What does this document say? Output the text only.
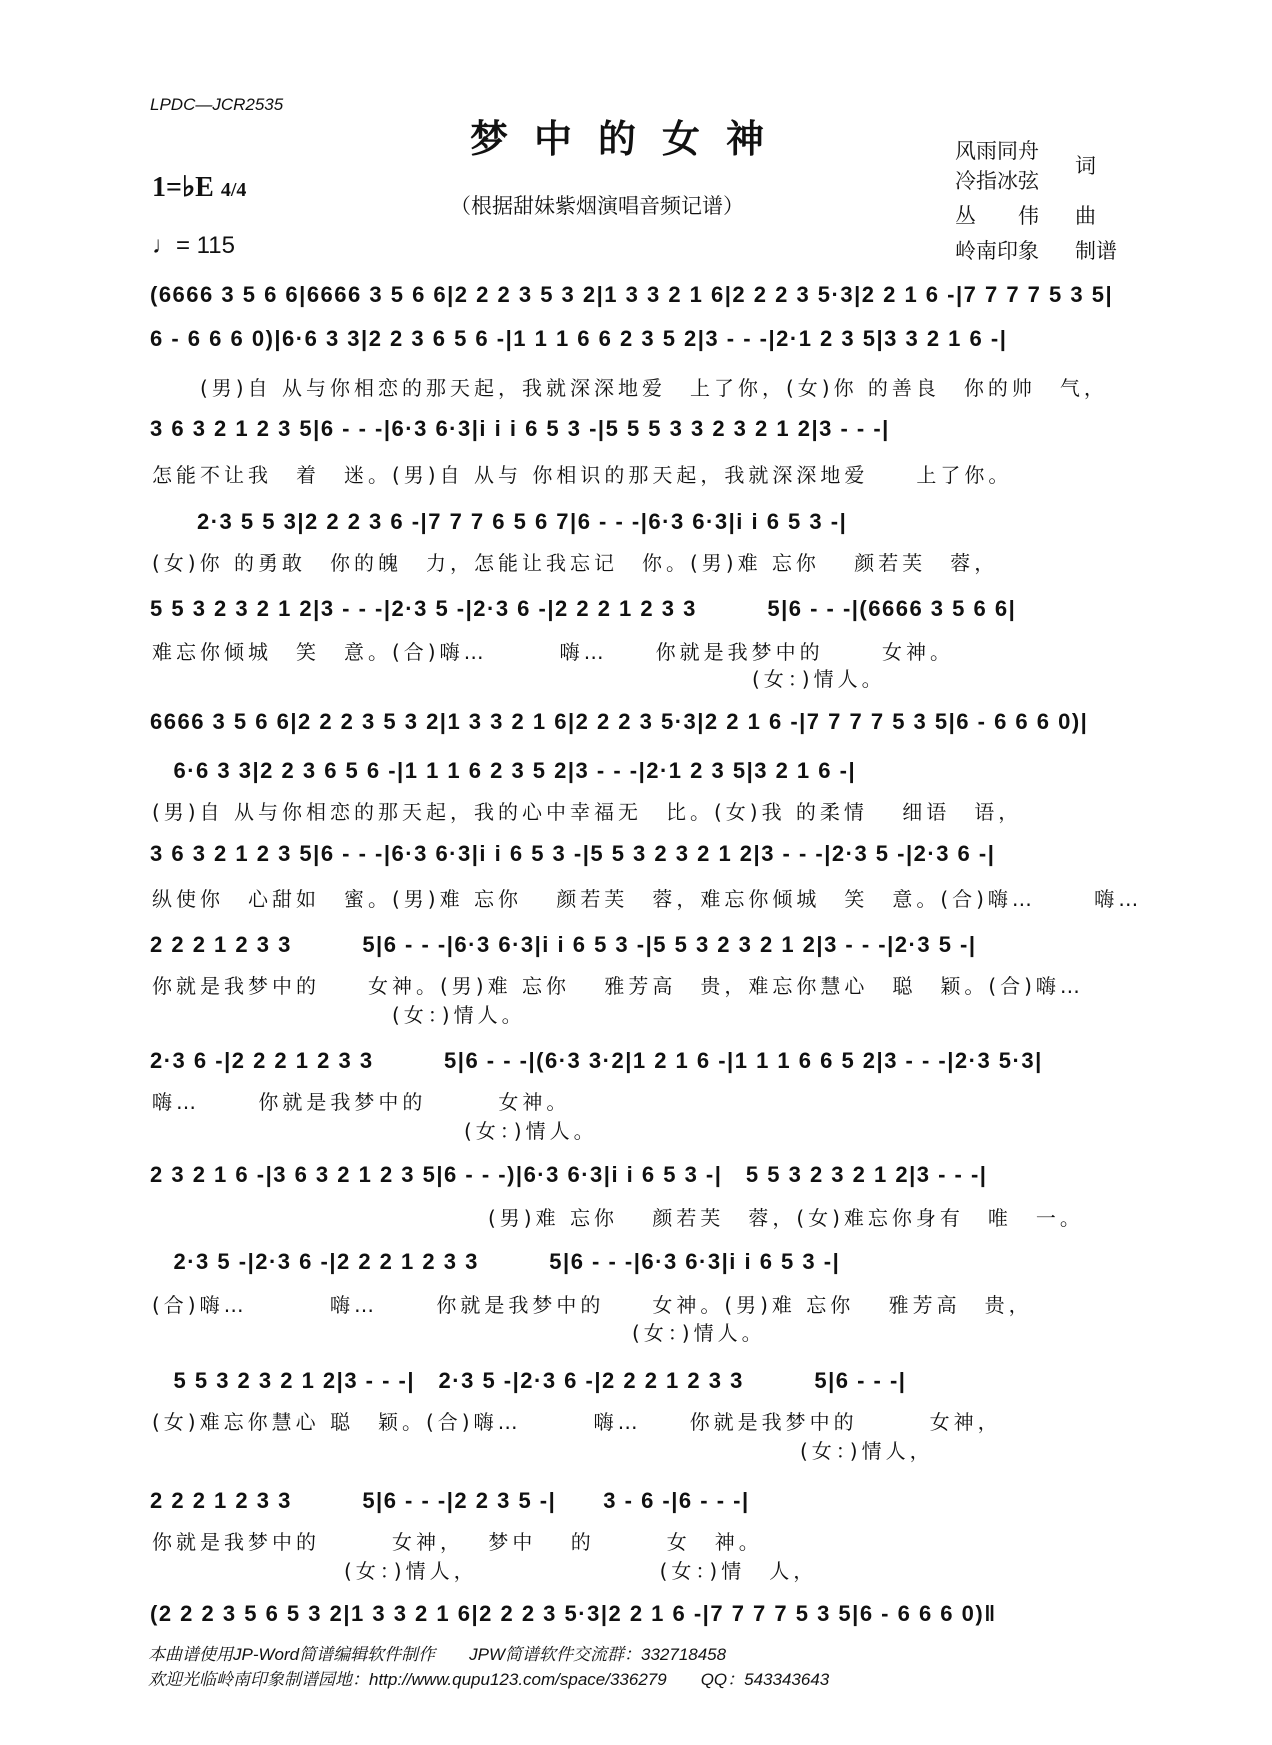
LPDC—JCR2535
梦中的女神
（根据甜妹紫烟演唱音频记谱）
1=♭E 4/4
♩= 115
风雨同舟
冷指冰弦
词
丛　　伟 曲
岭南印象 制谱
(6666 3 5 6 6|6666 3 5 6 6|2 2 2 3 5 3 2|1 3 3 2 1 6|2 2 2 3 5·3|2 2 1 6 -|7 7 7 7 5 3 5|
6 - 6 6 6 0)|6·6 3 3|2 2 3 6 5 6 -|1 1 1 6 6 2 3 5 2|3 - - -|2·1 2 3 5|3 3 2 1 6 -|
　　(男)自 从与你相恋的那天起，我就深深地爱　上了你，(女)你 的善良　你的帅　气，
3 6 3 2 1 2 3 5|6 - - -|6·3 6·3|i i i 6 5 3 -|5 5 5 3 3 2 3 2 1 2|3 - - -|
怎能不让我　着　迷。(男)自 从与 你相识的那天起，我就深深地爱　　上了你。
　　2·3 5 5 3|2 2 2 3 6 -|7 7 7 6 5 6 7|6 - - -|6·3 6·3|i i 6 5 3 -|
(女)你 的勇敢　你的魄　力，怎能让我忘记　你。(男)难 忘你　 颜若芙　蓉，
5 5 3 2 3 2 1 2|3 - - -|2·3 5 -|2·3 6 -|2 2 2 1 2 3 3　　　5|6 - - -|(6666 3 5 6 6|
难忘你倾城　笑　意。(合)嗨…　　　嗨…　　你就是我梦中的　　 女神。
　　　　　　　　　　　　　　　　　　　　　　　　　(女：)情人。
6666 3 5 6 6|2 2 2 3 5 3 2|1 3 3 2 1 6|2 2 2 3 5·3|2 2 1 6 -|7 7 7 7 5 3 5|6 - 6 6 6 0)|
　6·6 3 3|2 2 3 6 5 6 -|1 1 1 6 2 3 5 2|3 - - -|2·1 2 3 5|3 2 1 6 -|
(男)自 从与你相恋的那天起，我的心中幸福无　比。(女)我 的柔情　 细语　语，
3 6 3 2 1 2 3 5|6 - - -|6·3 6·3|i i 6 5 3 -|5 5 3 2 3 2 1 2|3 - - -|2·3 5 -|2·3 6 -|
纵使你　心甜如　蜜。(男)难 忘你　 颜若芙　蓉，难忘你倾城　笑　意。(合)嗨…　　 嗨…
2 2 2 1 2 3 3　　　5|6 - - -|6·3 6·3|i i 6 5 3 -|5 5 3 2 3 2 1 2|3 - - -|2·3 5 -|
你就是我梦中的　　女神。(男)难 忘你　 雅芳高　贵，难忘你慧心　聪　颖。(合)嗨…
　　　　　　　　　　(女：)情人。
2·3 6 -|2 2 2 1 2 3 3　　　5|6 - - -|(6·3 3·2|1 2 1 6 -|1 1 1 6 6 5 2|3 - - -|2·3 5·3|
嗨…　　 你就是我梦中的　　　女神。
　　　　　　　　　　　　　(女：)情人。
2 3 2 1 6 -|3 6 3 2 1 2 3 5|6 - - -)|6·3 6·3|i i 6 5 3 -|　5 5 3 2 3 2 1 2|3 - - -|
　　　　　　　　　　　　　　(男)难 忘你　 颜若芙　蓉，(女)难忘你身有　唯　一。
　2·3 5 -|2·3 6 -|2 2 2 1 2 3 3　　　5|6 - - -|6·3 6·3|i i 6 5 3 -|
(合)嗨…　　　 嗨…　　 你就是我梦中的　　女神。(男)难 忘你　 雅芳高　贵，
　　　　　　　　　　　　　　　　　　　　(女：)情人。
　5 5 3 2 3 2 1 2|3 - - -|　2·3 5 -|2·3 6 -|2 2 2 1 2 3 3　　　5|6 - - -|
(女)难忘你慧心 聪　颖。(合)嗨…　　　嗨…　　你就是我梦中的　　　女神，
　　　　　　　　　　　　　　　　　　　　　　　　　　　(女：)情人，
2 2 2 1 2 3 3　　　5|6 - - -|2 2 3 5 -|　　3 - 6 -|6 - - -|
你就是我梦中的　　　女神，　 梦中　 的　　　女　神。
　　　　　　　　(女：)情人，　　　　　　　　(女：)情　人，
(2 2 2 3 5 6 5 3 2|1 3 3 2 1 6|2 2 2 3 5·3|2 2 1 6 -|7 7 7 7 5 3 5|6 - 6 6 6 0)‖
本曲谱使用JP-Word简谱编辑软件制作　　JPW简谱软件交流群：332718458
欢迎光临岭南印象制谱园地：http://www.qupu123.com/space/336279　　QQ：543343643
